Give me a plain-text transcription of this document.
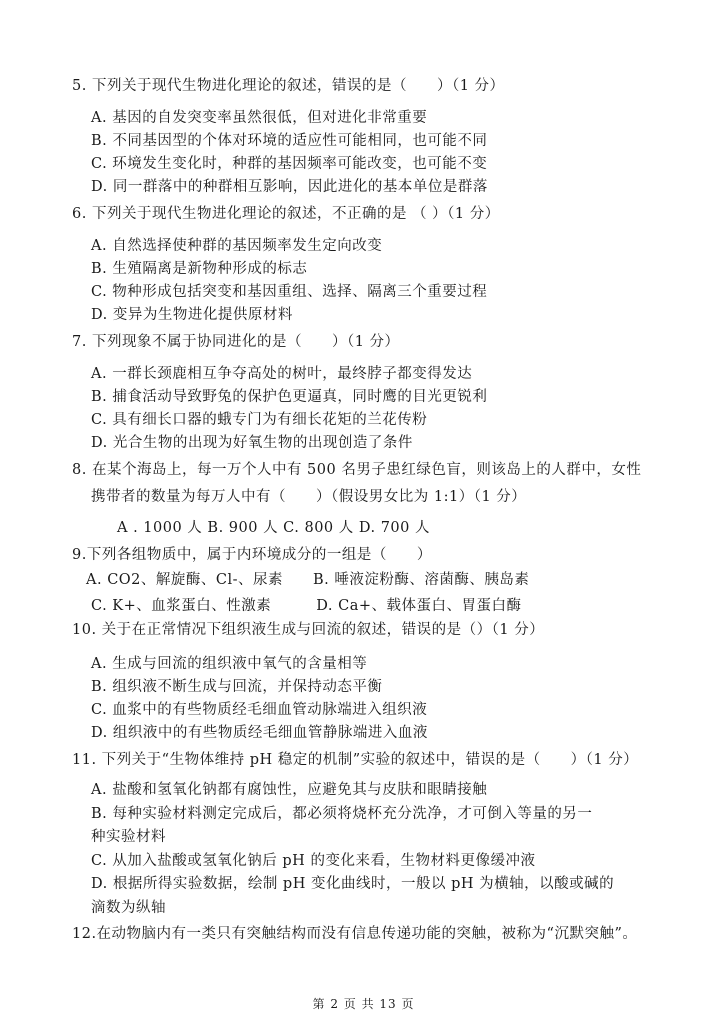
5. 下列关于现代生物进化理论的叙述，错误的是（　　）（1 分）
A. 基因的自发突变率虽然很低，但对进化非常重要
B. 不同基因型的个体对环境的适应性可能相同，也可能不同
C. 环境发生变化时，种群的基因频率可能改变，也可能不变
D. 同一群落中的种群相互影响，因此进化的基本单位是群落
6. 下列关于现代生物进化理论的叙述，不正确的是 （ ）（1 分）
A. 自然选择使种群的基因频率发生定向改变
B. 生殖隔离是新物种形成的标志
C. 物种形成包括突变和基因重组、选择、隔离三个重要过程
D. 变异为生物进化提供原材料
7. 下列现象不属于协同进化的是（　　）（1 分）
A. 一群长颈鹿相互争夺高处的树叶，最终脖子都变得发达
B. 捕食活动导致野兔的保护色更逼真，同时鹰的目光更锐利
C. 具有细长口器的蛾专门为有细长花矩的兰花传粉
D. 光合生物的出现为好氧生物的出现创造了条件
8. 在某个海岛上，每一万个人中有 500 名男子患红绿色盲，则该岛上的人群中，女性
携带者的数量为每万人中有（　　）（假设男女比为 1:1）（1 分）
A . 1000 人 B. 900 人 C. 800 人 D. 700 人
9.下列各组物质中，属于内环境成分的一组是（　　）
A. CO2、解旋酶、Cl-、尿素　　B. 唾液淀粉酶、溶菌酶、胰岛素
C. K+、血浆蛋白、性激素　　　D. Ca+、载体蛋白、胃蛋白酶
10. 关于在正常情况下组织液生成与回流的叙述，错误的是（）（1 分）
A. 生成与回流的组织液中氧气的含量相等
B. 组织液不断生成与回流，并保持动态平衡
C. 血浆中的有些物质经毛细血管动脉端进入组织液
D. 组织液中的有些物质经毛细血管静脉端进入血液
11. 下列关于“生物体维持 pH 稳定的机制”实验的叙述中，错误的是（　　）（1 分）
A. 盐酸和氢氧化钠都有腐蚀性，应避免其与皮肤和眼睛接触
B. 每种实验材料测定完成后，都必须将烧杯充分洗净，才可倒入等量的另一
种实验材料
C. 从加入盐酸或氢氧化钠后 pH 的变化来看，生物材料更像缓冲液
D. 根据所得实验数据，绘制 pH 变化曲线时，一般以 pH 为横轴，以酸或碱的
滴数为纵轴
12.在动物脑内有一类只有突触结构而没有信息传递功能的突触，被称为“沉默突触”。
第 2 页 共 13 页
